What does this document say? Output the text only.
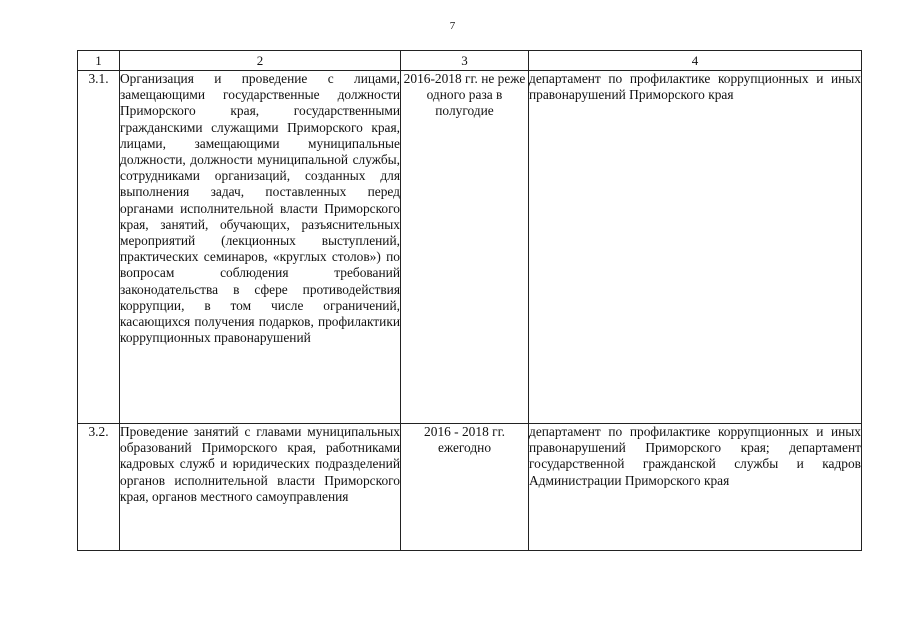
7
1	2	3	4
3.1.	Организация и проведение с лицами, замещающими государственные должности Приморского края, государственными гражданскими служащими Приморского края, лицами, замещающими муниципальные должности, должности муниципальной службы, сотрудниками организаций, созданных для выполнения задач, поставленных перед органами исполнительной власти Приморского края, занятий, обучающих, разъяснительных мероприятий (лекционных выступлений, практических семинаров, «круглых столов») по вопросам соблюдения требований законодательства в сфере противодействия коррупции, в том числе ограничений, касающихся получения подарков, профилактики коррупционных правонарушений	2016-2018 гг. не реже одного раза в полугодие	департамент по профилактике коррупционных и иных правонарушений Приморского края
3.2.	Проведение занятий с главами муниципальных образований Приморского края, работниками кадровых служб и юридических подразделений органов исполнительной власти Приморского края, органов местного самоуправления	2016 - 2018 гг. ежегодно	департамент по профилактике коррупционных и иных правонарушений Приморского края; департамент государственной гражданской службы и кадров Администрации Приморского края
